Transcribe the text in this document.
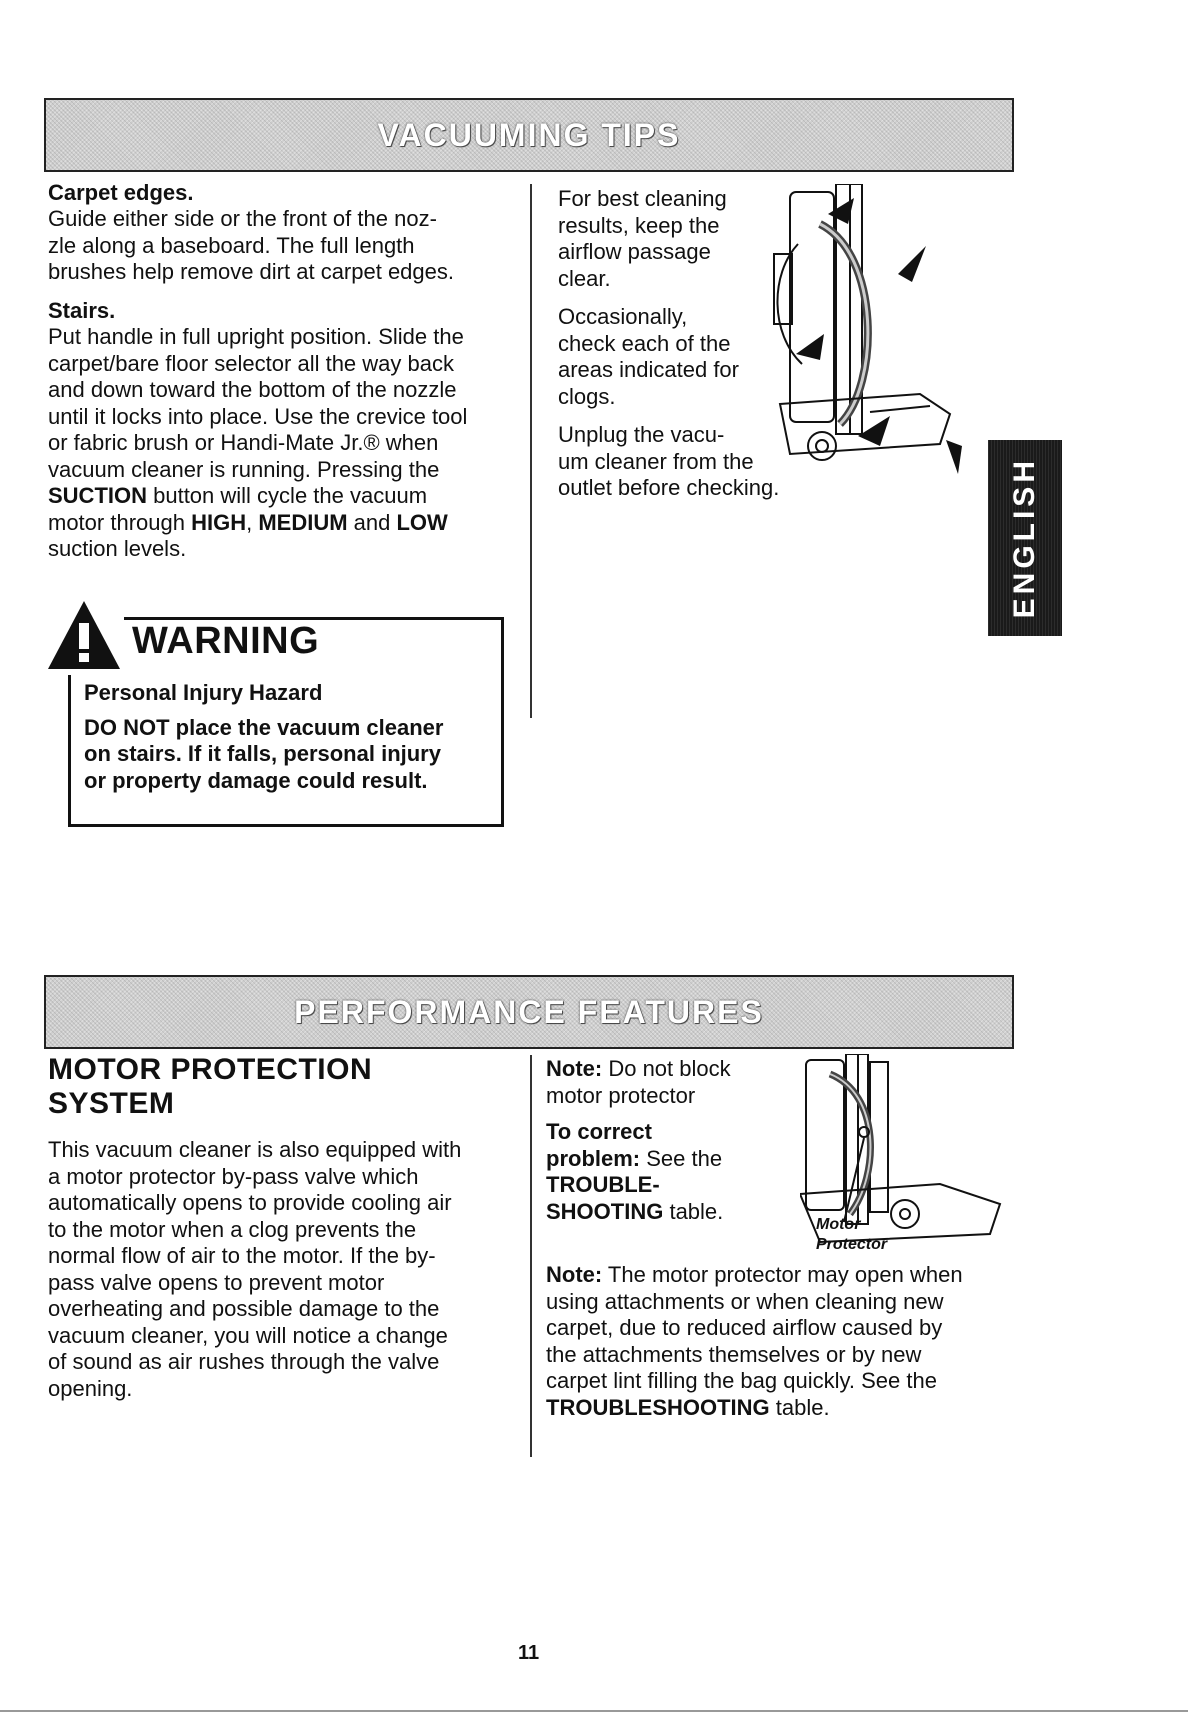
VACUUMING TIPS

Carpet edges.

Guide either side or the front of the noz-

zle along a baseboard. The full length

brushes help remove dirt at carpet edges.

Stairs.

Put handle in full upright position. Slide the

carpet/bare floor selector all the way back

and down toward the bottom of the nozzle

until it locks into place. Use the crevice tool

or fabric brush or Handi-Mate Jr.® when

vacuum cleaner is running. Pressing the

SUCTION button will cycle the vacuum

motor through HIGH, MEDIUM and LOW

suction levels.

WARNING

Personal Injury Hazard

DO NOT place the vacuum cleaner
on stairs. If it falls, personal injury
or property damage could result.

For best cleaning

results, keep the

airflow passage

clear.

Occasionally,

check each of the

areas indicated for

clogs.

Unplug the vacu-

um cleaner from the

outlet before checking.	ENGLISH
PERFORMANCE FEATURES

MOTOR PROTECTION

SYSTEM

This vacuum cleaner is also equipped with

a motor protector by-pass valve which

automatically opens to provide cooling air

to the motor when a clog prevents the

normal flow of air to the motor. If the by-

pass valve opens to prevent motor

overheating and possible damage to the

vacuum cleaner, you will notice a change

of sound as air rushes through the valve

opening.

Note: Do not block

motor protector

To correct

problem: See the

TROUBLE-

SHOOTING table.

Motor
Protector

Note: The motor protector may open when

using attachments or when cleaning new

carpet, due to reduced airflow caused by

the attachments themselves or by new

carpet lint filling the bag quickly. See the

TROUBLESHOOTING table.

11
